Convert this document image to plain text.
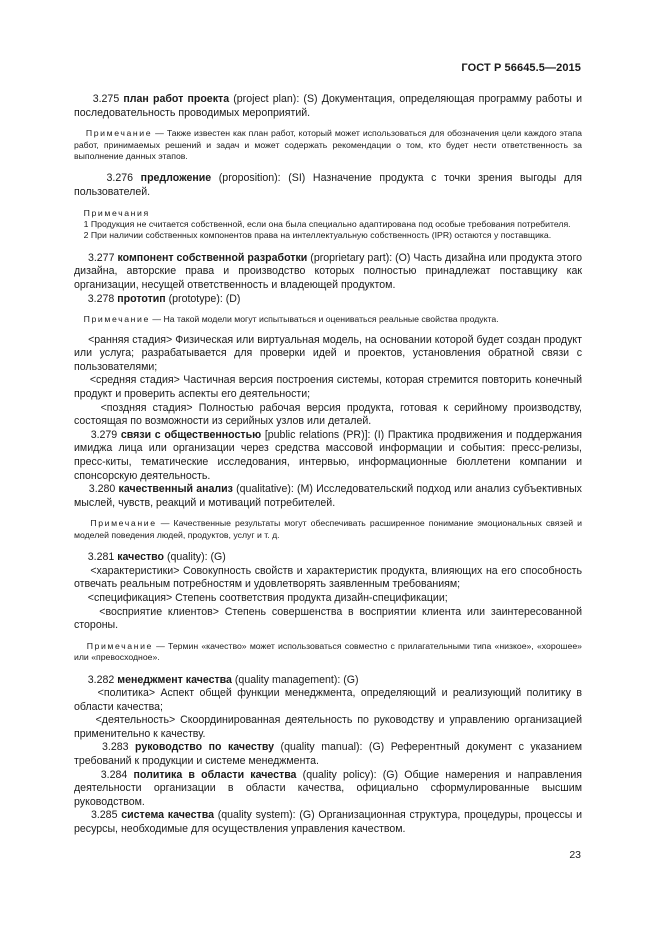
ГОСТ Р 56645.5—2015

3.275 план работ проекта (project plan): (S) Документация, определяющая программу работы и последовательность проводимых мероприятий.

Примечание — Также известен как план работ, который может использоваться для обозначения цели каждого этапа работ, принимаемых решений и задач и может содержать рекомендации о том, кто будет нести ответственность за выполнение данных этапов.

3.276 предложение (proposition): (SI) Назначение продукта с точки зрения выгоды для пользователей.

Примечания

1 Продукция не считается собственной, если она была специально адаптирована под особые требования потребителя.

2 При наличии собственных компонентов права на интеллектуальную собственность (IPR) остаются у поставщика.

3.277 компонент собственной разработки (proprietary part): (O) Часть дизайна или продукта этого дизайна, авторские права и производство которых полностью принадлежат поставщику как организации, несущей ответственность и владеющей продуктом.

3.278 прототип (prototype): (D)

Примечание — На такой модели могут испытываться и оцениваться реальные свойства продукта.

<ранняя стадия> Физическая или виртуальная модель, на основании которой будет создан продукт или услуга; разрабатывается для проверки идей и проектов, установления обратной связи с пользователями;

<средняя стадия> Частичная версия построения системы, которая стремится повторить конечный продукт и проверить аспекты его деятельности;

<поздняя стадия> Полностью рабочая версия продукта, готовая к серийному производству, состоящая по возможности из серийных узлов или деталей.

3.279 связи с общественностью [public relations (PR)]: (I) Практика продвижения и поддержания имиджа лица или организации через средства массовой информации и события: пресс-релизы, пресс-киты, тематические исследования, интервью, информационные бюллетени компании и спонсорскую деятельность.

3.280 качественный анализ (qualitative): (M) Исследовательский подход или анализ субъективных мыслей, чувств, реакций и мотиваций потребителей.

Примечание — Качественные результаты могут обеспечивать расширенное понимание эмоциональных связей и моделей поведения людей, продуктов, услуг и т. д.

3.281 качество (quality): (G)

<характеристики> Совокупность свойств и характеристик продукта, влияющих на его способность отвечать реальным потребностям и удовлетворять заявленным требованиям;

<спецификация> Степень соответствия продукта дизайн-спецификации;

<восприятие клиентов> Степень совершенства в восприятии клиента или заинтересованной стороны.

Примечание — Термин «качество» может использоваться совместно с прилагательными типа «низкое», «хорошее» или «превосходное».

3.282 менеджмент качества (quality management): (G)

<политика> Аспект общей функции менеджмента, определяющий и реализующий политику в области качества;

<деятельность> Скоординированная деятельность по руководству и управлению организацией применительно к качеству.

3.283 руководство по качеству (quality manual): (G) Референтный документ с указанием требований к продукции и системе менеджмента.

3.284 политика в области качества (quality policy): (G) Общие намерения и направления деятельности организации в области качества, официально сформулированные высшим руководством.

3.285 система качества (quality system): (G) Организационная структура, процедуры, процессы и ресурсы, необходимые для осуществления управления качеством.

23
